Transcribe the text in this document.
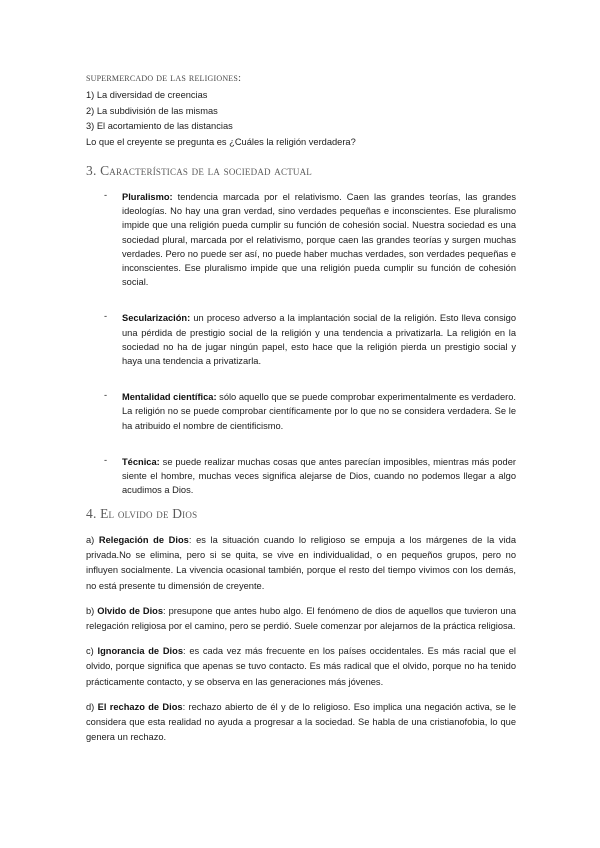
supermercado de las religiones:
1) La diversidad de creencias
2) La subdivisión de las mismas
3) El acortamiento de las distancias
Lo que el creyente se pregunta es ¿Cuáles la religión verdadera?
3. Características de la sociedad actual
- Pluralismo: tendencia marcada por el relativismo. Caen las grandes teorías, las grandes ideologías. No hay una gran verdad, sino verdades pequeñas e inconscientes. Ese pluralismo impide que una religión pueda cumplir su función de cohesión social. Nuestra sociedad es una sociedad plural, marcada por el relativismo, porque caen las grandes teorías y surgen muchas verdades. Pero no puede ser así, no puede haber muchas verdades, son verdades pequeñas e inconscientes. Ese pluralismo impide que una religión pueda cumplir su función de cohesión social.

- Secularización: un proceso adverso a la implantación social de la religión. Esto lleva consigo una pérdida de prestigio social de la religión y una tendencia a privatizarla. La religión en la sociedad no ha de jugar ningún papel, esto hace que la religión pierda un prestigio social y haya una tendencia a privatizarla.

- Mentalidad científica: sólo aquello que se puede comprobar experimentalmente es verdadero. La religión no se puede comprobar científicamente por lo que no se considera verdadera. Se le ha atribuido el nombre de cientificismo.

- Técnica: se puede realizar muchas cosas que antes parecían imposibles, mientras más poder siente el hombre, muchas veces significa alejarse de Dios, cuando no podemos llegar a algo acudimos a Dios.

4. El olvido de Dios

a) Relegación de Dios: es la situación cuando lo religioso se empuja a los márgenes de la vida privada.No se elimina, pero si se quita, se vive en individualidad, o en pequeños grupos, pero no influyen socialmente. La vivencia ocasional también, porque el resto del tiempo vivimos con los demás, no está presente tu dimensión de creyente.

b) Olvido de Dios: presupone que antes hubo algo. El fenómeno de dios de aquellos que tuvieron una relegación religiosa por el camino, pero se perdió. Suele comenzar por alejarnos de la práctica religiosa.

c) Ignorancia de Dios: es cada vez más frecuente en los países occidentales. Es más racial que el olvido, porque significa que apenas se tuvo contacto. Es más radical que el olvido, porque no ha tenido prácticamente contacto, y se observa en las generaciones más jóvenes.

d) El rechazo de Dios: rechazo abierto de él y de lo religioso. Eso implica una negación activa, se le considera que esta realidad no ayuda a progresar a la sociedad. Se habla de una cristianofobia, lo que genera un rechazo.
